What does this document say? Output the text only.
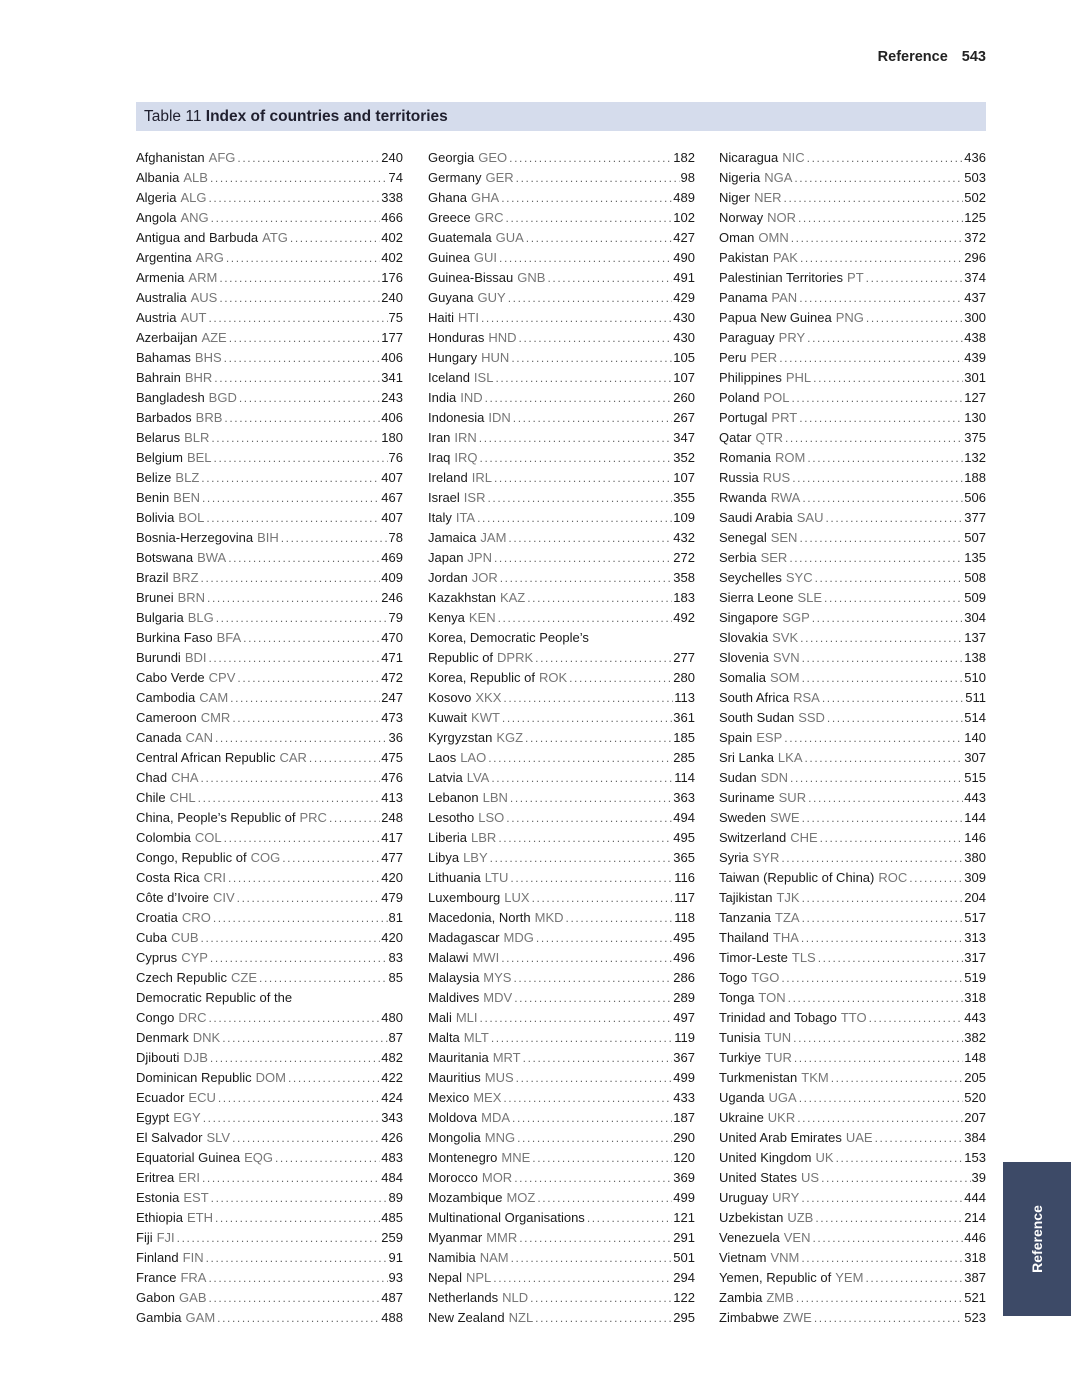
Reference 543
Table 11 Index of countries and territories
Afghanistan AFG .....	240
Albania ALB .....	74
Algeria ALG .....	338
Angola ANG .....	466
Antigua and Barbuda ATG .....	402
Argentina ARG .....	402
Armenia ARM .....	176
Australia AUS .....	240
Austria AUT .....	75
Azerbaijan AZE .....	177
Bahamas BHS .....	406
Bahrain BHR .....	341
Bangladesh BGD .....	243
Barbados BRB .....	406
Belarus BLR .....	180
Belgium BEL .....	76
Belize BLZ .....	407
Benin BEN .....	467
Bolivia BOL .....	407
Bosnia-Herzegovina BIH .....	78
Botswana BWA .....	469
Brazil BRZ .....	409
Brunei BRN .....	246
Bulgaria BLG .....	79
Burkina Faso BFA .....	470
Burundi BDI .....	471
Cabo Verde CPV .....	472
Cambodia CAM .....	247
Cameroon CMR .....	473
Canada CAN .....	36
Central African Republic CAR .....	475
Chad CHA .....	476
Chile CHL .....	413
China, People’s Republic of PRC .....	248
Colombia COL .....	417
Congo, Republic of COG .....	477
Costa Rica CRI .....	420
Côte d’Ivoire CIV .....	479
Croatia CRO .....	81
Cuba CUB .....	420
Cyprus CYP .....	83
Czech Republic CZE .....	85
Democratic Republic of the
Congo DRC .....	480
Denmark DNK .....	87
Djibouti DJB .....	482
Dominican Republic DOM .....	422
Ecuador ECU .....	424
Egypt EGY .....	343
El Salvador SLV .....	426
Equatorial Guinea EQG .....	483
Eritrea ERI .....	484
Estonia EST .....	89
Ethiopia ETH .....	485
Fiji FJI .....	259
Finland FIN .....	91
France FRA .....	93
Gabon GAB .....	487
Gambia GAM .....	488
Georgia GEO .....	182
Germany GER .....	98
Ghana GHA .....	489
Greece GRC .....	102
Guatemala GUA .....	427
Guinea GUI .....	490
Guinea-Bissau GNB .....	491
Guyana GUY .....	429
Haiti HTI .....	430
Honduras HND .....	430
Hungary HUN .....	105
Iceland ISL .....	107
India IND .....	260
Indonesia IDN .....	267
Iran IRN .....	347
Iraq IRQ .....	352
Ireland IRL .....	107
Israel ISR .....	355
Italy ITA .....	109
Jamaica JAM .....	432
Japan JPN .....	272
Jordan JOR .....	358
Kazakhstan KAZ .....	183
Kenya KEN .....	492
Korea, Democratic People’s
Republic of DPRK .....	277
Korea, Republic of ROK .....	280
Kosovo XKX .....	113
Kuwait KWT .....	361
Kyrgyzstan KGZ .....	185
Laos LAO .....	285
Latvia LVA .....	114
Lebanon LBN .....	363
Lesotho LSO .....	494
Liberia LBR .....	495
Libya LBY .....	365
Lithuania LTU .....	116
Luxembourg LUX .....	117
Macedonia, North MKD .....	118
Madagascar MDG .....	495
Malawi MWI .....	496
Malaysia MYS .....	286
Maldives MDV .....	289
Mali MLI .....	497
Malta MLT .....	119
Mauritania MRT .....	367
Mauritius MUS .....	499
Mexico MEX .....	433
Moldova MDA .....	187
Mongolia MNG .....	290
Montenegro MNE .....	120
Morocco MOR .....	369
Mozambique MOZ .....	499
Multinational Organisations .....	121
Myanmar MMR .....	291
Namibia NAM .....	501
Nepal NPL .....	294
Netherlands NLD .....	122
New Zealand NZL .....	295
Nicaragua NIC .....	436
Nigeria NGA .....	503
Niger NER .....	502
Norway NOR .....	125
Oman OMN .....	372
Pakistan PAK .....	296
Palestinian Territories PT .....	374
Panama PAN .....	437
Papua New Guinea PNG .....	300
Paraguay PRY .....	438
Peru PER .....	439
Philippines PHL .....	301
Poland POL .....	127
Portugal PRT .....	130
Qatar QTR .....	375
Romania ROM .....	132
Russia RUS .....	188
Rwanda RWA .....	506
Saudi Arabia SAU .....	377
Senegal SEN .....	507
Serbia SER .....	135
Seychelles SYC .....	508
Sierra Leone SLE .....	509
Singapore SGP .....	304
Slovakia SVK .....	137
Slovenia SVN .....	138
Somalia SOM .....	510
South Africa RSA .....	511
South Sudan SSD .....	514
Spain ESP .....	140
Sri Lanka LKA .....	307
Sudan SDN .....	515
Suriname SUR .....	443
Sweden SWE .....	144
Switzerland CHE .....	146
Syria SYR .....	380
Taiwan (Republic of China) ROC .....	309
Tajikistan TJK .....	204
Tanzania TZA .....	517
Thailand THA .....	313
Timor-Leste TLS .....	317
Togo TGO .....	519
Tonga TON .....	318
Trinidad and Tobago TTO .....	443
Tunisia TUN .....	382
Turkiye TUR .....	148
Turkmenistan TKM .....	205
Uganda UGA .....	520
Ukraine UKR .....	207
United Arab Emirates UAE .....	384
United Kingdom UK .....	153
United States US .....	39
Uruguay URY .....	444
Uzbekistan UZB .....	214
Venezuela VEN .....	446
Vietnam VNM .....	318
Yemen, Republic of YEM .....	387
Zambia ZMB .....	521
Zimbabwe ZWE .....	523
Reference
